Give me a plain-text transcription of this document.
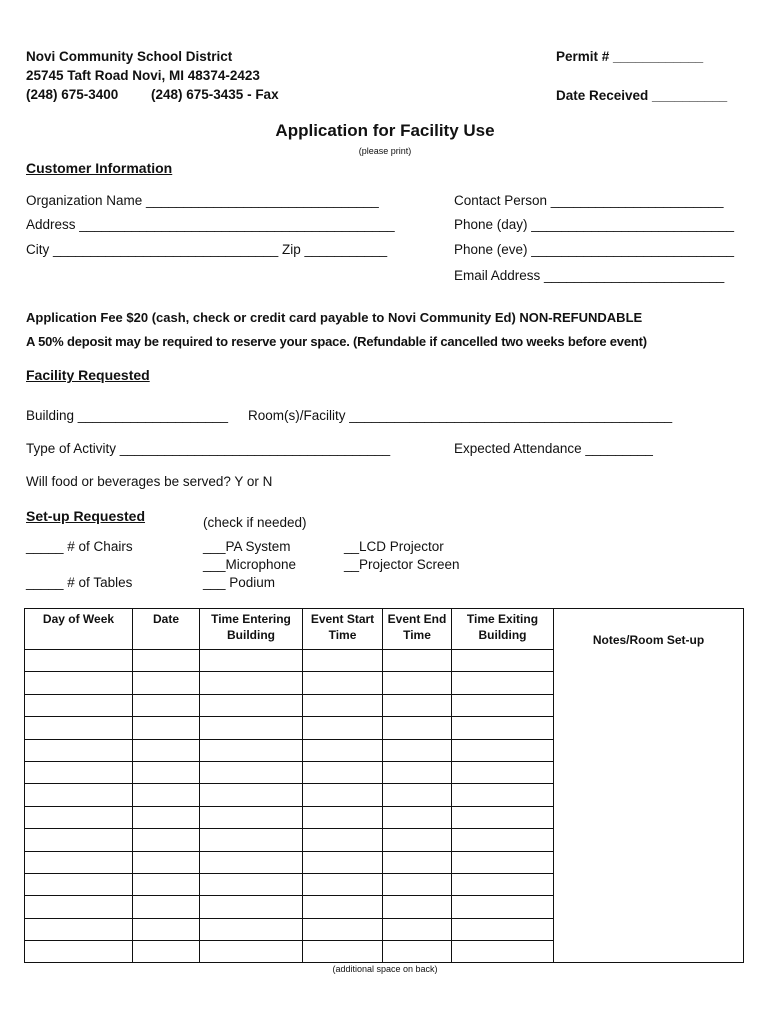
Novi Community School District
25745 Taft Road Novi, MI 48374-2423
(248) 675-3400 (248) 675-3435 - Fax
Permit # ____________
Date Received __________
Application for Facility Use
(please print)
Customer Information
Organization Name _______________________________
Address __________________________________________
City ______________________________ Zip ___________
Contact Person _______________________
Phone (day) ___________________________
Phone (eve) ___________________________
Email Address ________________________
Application Fee $20 (cash, check or credit card payable to Novi Community Ed) NON-REFUNDABLE
A 50% deposit may be required to reserve your space. (Refundable if cancelled two weeks before event)
Facility Requested
Building ____________________ Room(s)/Facility ___________________________________________
Type of Activity ____________________________________	Expected Attendance _________
Will food or beverages be served? Y or N
Set-up Requested	(check if needed)
_____ # of Chairs
_____ # of Tables
___PA System
___Microphone
___ Podium
__LCD Projector
__Projector Screen
Day of Week	Date	Time Entering Building	Event Start Time	Event End Time	Time Exiting Building	Notes/Room Set-up

(additional space on back)
